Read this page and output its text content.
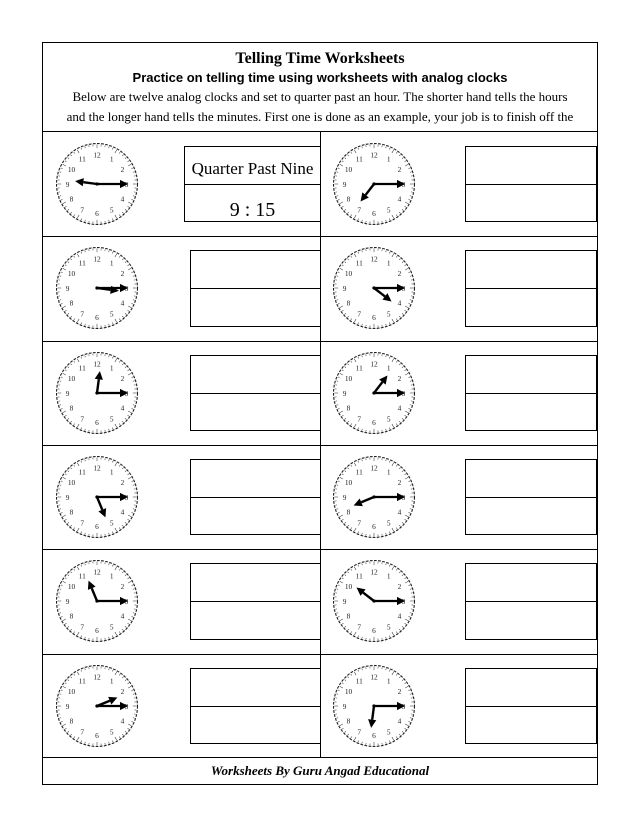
Telling Time Worksheets
Practice on telling time using worksheets with analog clocks
Below are twelve analog clocks and set to quarter past an hour. The shorter hand tells the hours
and the longer hand tells the minutes. First one is done as an example, your job is to finish off the
12 1
2
4
5
6
7
8
9
10
11
Quarter Past Nine
9 : 15
12 1
2
4
5
6
7
8
9
10
11
12 1
2
4
5
6
7
8
9
10
11	12 1
2
4
5
6
7
8
9
10
11
12 1
2
4
5
6
7
8
9
10
11	12 1
2
4
5
6
7
8
9
10
11
12 1
2
4
5
6
7
8
9
10
11	12 1
2
4
5
6
7
8
9
10
11
12 1
2
4
5
6
7
8
9
10
11	12 1
2
4
5
6
7
8
9
10
11
12 1
2
4
5
6
7
8
9
10
11	12 1
2
4
5
6
7
8
9
10
11
Worksheets By Guru Angad Educational
